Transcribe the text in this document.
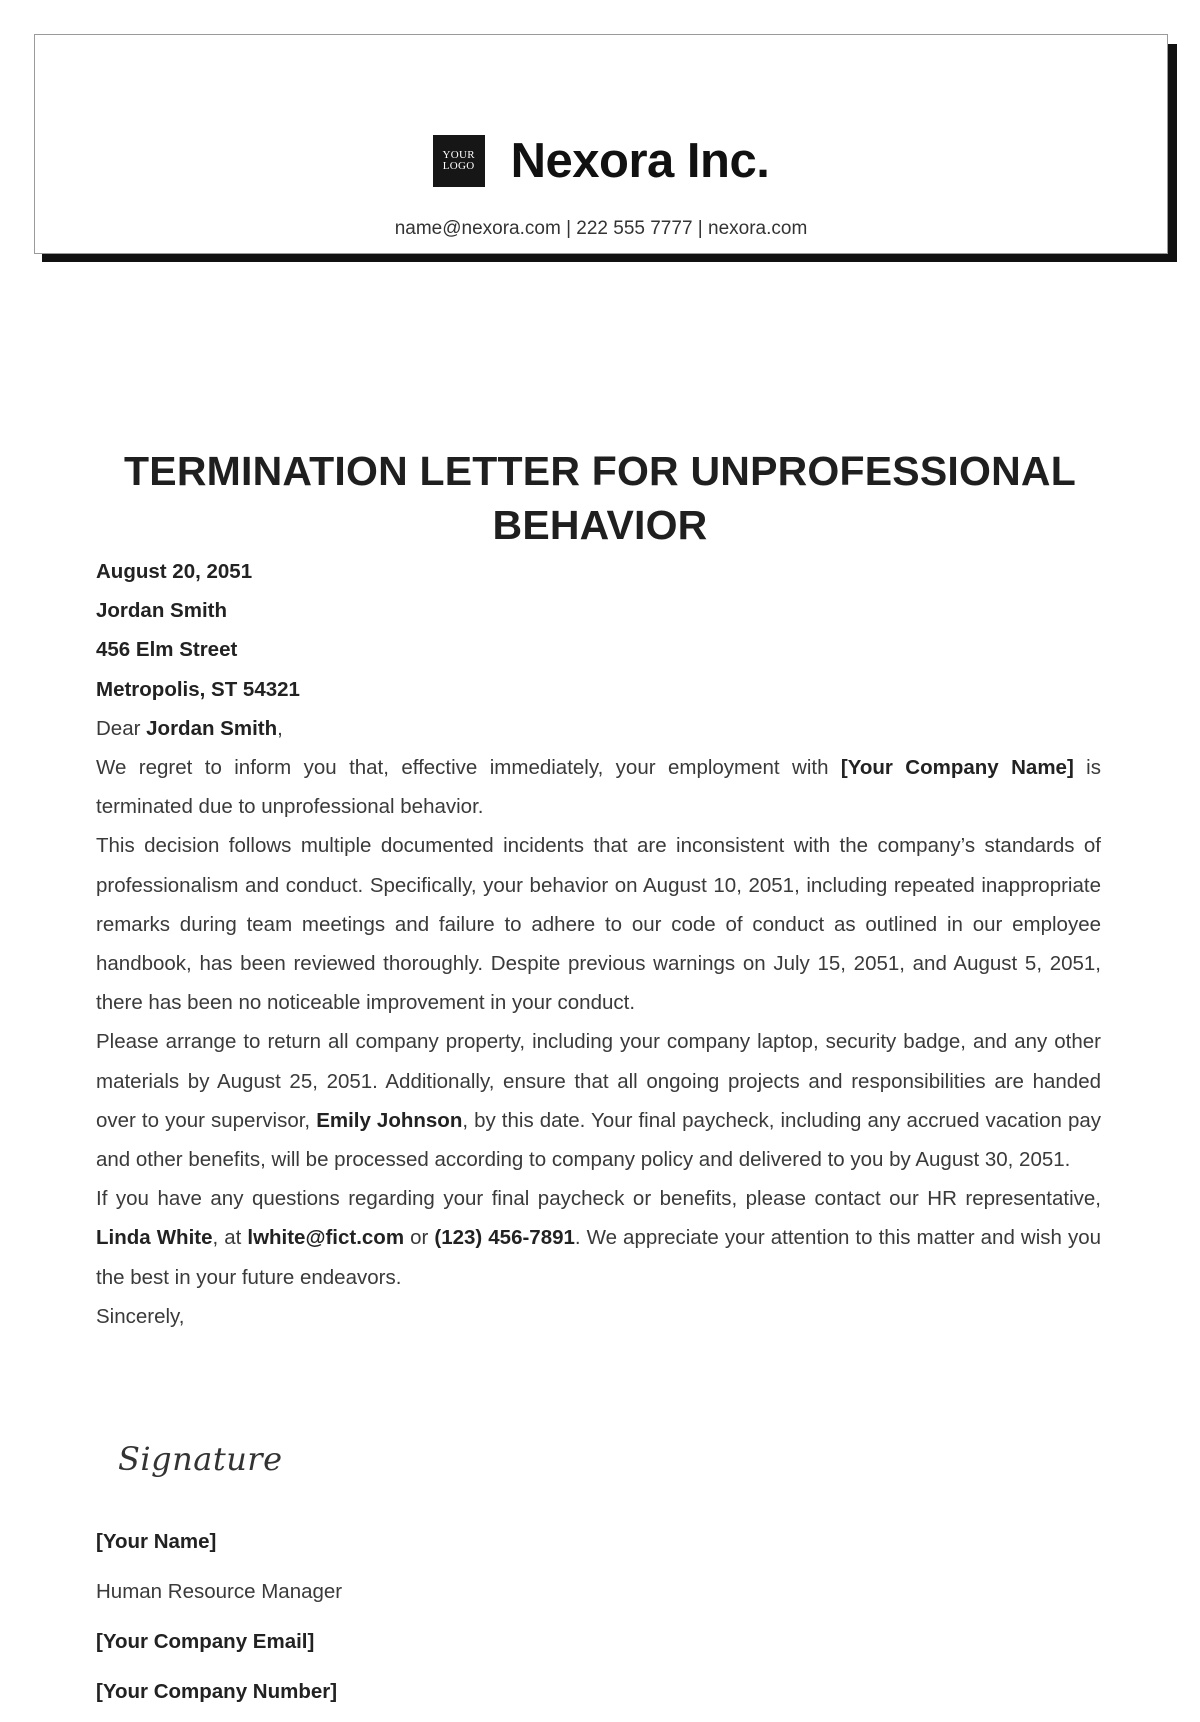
YOUR
LOGO Nexora Inc.
name@nexora.com | 222 555 7777 | nexora.com
TERMINATION LETTER FOR UNPROFESSIONAL BEHAVIOR
August 20, 2051
Jordan Smith
456 Elm Street
Metropolis, ST 54321
Dear Jordan Smith,

We regret to inform you that, effective immediately, your employment with [Your Company Name] is terminated due to unprofessional behavior.

This decision follows multiple documented incidents that are inconsistent with the company’s standards of professionalism and conduct. Specifically, your behavior on August 10, 2051, including repeated inappropriate remarks during team meetings and failure to adhere to our code of conduct as outlined in our employee handbook, has been reviewed thoroughly. Despite previous warnings on July 15, 2051, and August 5, 2051, there has been no noticeable improvement in your conduct.

Please arrange to return all company property, including your company laptop, security badge, and any other materials by August 25, 2051. Additionally, ensure that all ongoing projects and responsibilities are handed over to your supervisor, Emily Johnson, by this date. Your final paycheck, including any accrued vacation pay and other benefits, will be processed according to company policy and delivered to you by August 30, 2051.

If you have any questions regarding your final paycheck or benefits, please contact our HR representative, Linda White, at lwhite@fict.com or (123) 456-7891. We appreciate your attention to this matter and wish you the best in your future endeavors.

Sincerely,
Signature
[Your Name]
Human Resource Manager
[Your Company Email]
[Your Company Number]
